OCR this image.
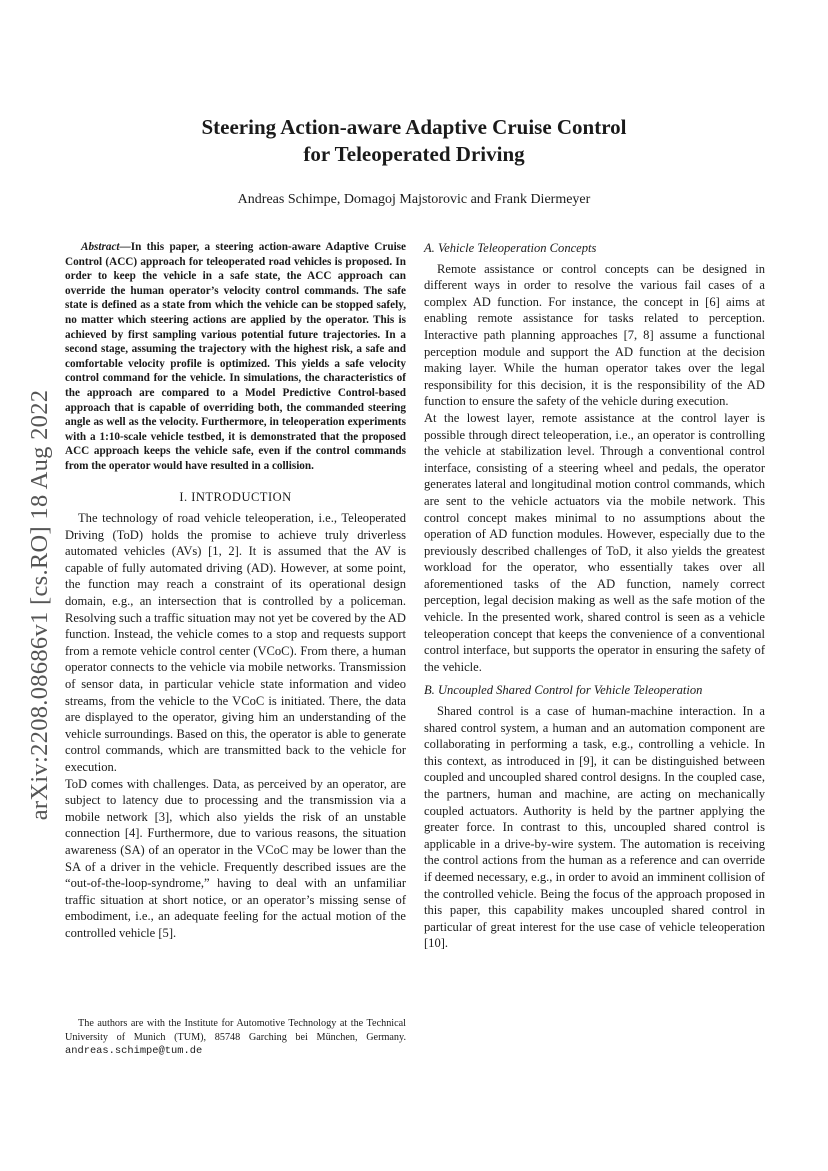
arXiv:2208.08686v1 [cs.RO] 18 Aug 2022
Steering Action-aware Adaptive Cruise Control
for Teleoperated Driving

Andreas Schimpe, Domagoj Majstorovic and Frank Diermeyer

Abstract—In this paper, a steering action-aware Adaptive Cruise Control (ACC) approach for teleoperated road vehicles is proposed. In order to keep the vehicle in a safe state, the ACC approach can override the human operator’s velocity control commands. The safe state is defined as a state from which the vehicle can be stopped safely, no matter which steering actions are applied by the operator. This is achieved by first sampling various potential future trajectories. In a second stage, assuming the trajectory with the highest risk, a safe and comfortable velocity profile is optimized. This yields a safe velocity control command for the vehicle. In simulations, the characteristics of the approach are compared to a Model Predictive Control-based approach that is capable of overriding both, the commanded steering angle as well as the velocity. Furthermore, in teleoperation experiments with a 1:10-scale vehicle testbed, it is demonstrated that the proposed ACC approach keeps the vehicle safe, even if the control commands from the operator would have resulted in a collision.

I. INTRODUCTION

The technology of road vehicle teleoperation, i.e., Teleoperated Driving (ToD) holds the promise to achieve truly driverless automated vehicles (AVs) [1, 2]. It is assumed that the AV is capable of fully automated driving (AD). However, at some point, the function may reach a constraint of its operational design domain, e.g., an intersection that is controlled by a policeman. Resolving such a traffic situation may not yet be covered by the AD function. Instead, the vehicle comes to a stop and requests support from a remote vehicle control center (VCoC). From there, a human operator connects to the vehicle via mobile networks. Transmission of sensor data, in particular vehicle state information and video streams, from the vehicle to the VCoC is initiated. There, the data are displayed to the operator, giving him an understanding of the vehicle surroundings. Based on this, the operator is able to generate control commands, which are transmitted back to the vehicle for execution.

ToD comes with challenges. Data, as perceived by an operator, are subject to latency due to processing and the transmission via a mobile network [3], which also yields the risk of an unstable connection [4]. Furthermore, due to various reasons, the situation awareness (SA) of an operator in the VCoC may be lower than the SA of a driver in the vehicle. Frequently described issues are the “out-of-the-loop-syndrome,” having to deal with an unfamiliar traffic situation at short notice, or an operator’s missing sense of embodiment, i.e., an adequate feeling for the actual motion of the controlled vehicle [5].

The authors are with the Institute for Automotive Technology at the Technical University of Munich (TUM), 85748 Garching bei München, Germany. andreas.schimpe@tum.de

A. Vehicle Teleoperation Concepts

Remote assistance or control concepts can be designed in different ways in order to resolve the various fail cases of a complex AD function. For instance, the concept in [6] aims at enabling remote assistance for tasks related to perception. Interactive path planning approaches [7, 8] assume a functional perception module and support the AD function at the decision making layer. While the human operator takes over the legal responsibility for this decision, it is the responsibility of the AD function to ensure the safety of the vehicle during execution.

At the lowest layer, remote assistance at the control layer is possible through direct teleoperation, i.e., an operator is controlling the vehicle at stabilization level. Through a conventional control interface, consisting of a steering wheel and pedals, the operator generates lateral and longitudinal motion control commands, which are sent to the vehicle actuators via the mobile network. This control concept makes minimal to no assumptions about the operation of AD function modules. However, especially due to the previously described challenges of ToD, it also yields the greatest workload for the operator, who essentially takes over all aforementioned tasks of the AD function, namely correct perception, legal decision making as well as the safe motion of the vehicle. In the presented work, shared control is seen as a vehicle teleoperation concept that keeps the convenience of a conventional control interface, but supports the operator in ensuring the safety of the vehicle.

B. Uncoupled Shared Control for Vehicle Teleoperation

Shared control is a case of human-machine interaction. In a shared control system, a human and an automation component are collaborating in performing a task, e.g., controlling a vehicle. In this context, as introduced in [9], it can be distinguished between coupled and uncoupled shared control designs. In the coupled case, the partners, human and machine, are acting on mechanically coupled actuators. Authority is held by the partner applying the greater force. In contrast to this, uncoupled shared control is applicable in a drive-by-wire system. The automation is receiving the control actions from the human as a reference and can override if deemed necessary, e.g., in order to avoid an imminent collision of the controlled vehicle. Being the focus of the approach proposed in this paper, this capability makes uncoupled shared control in particular of great interest for the use case of vehicle teleoperation [10].
